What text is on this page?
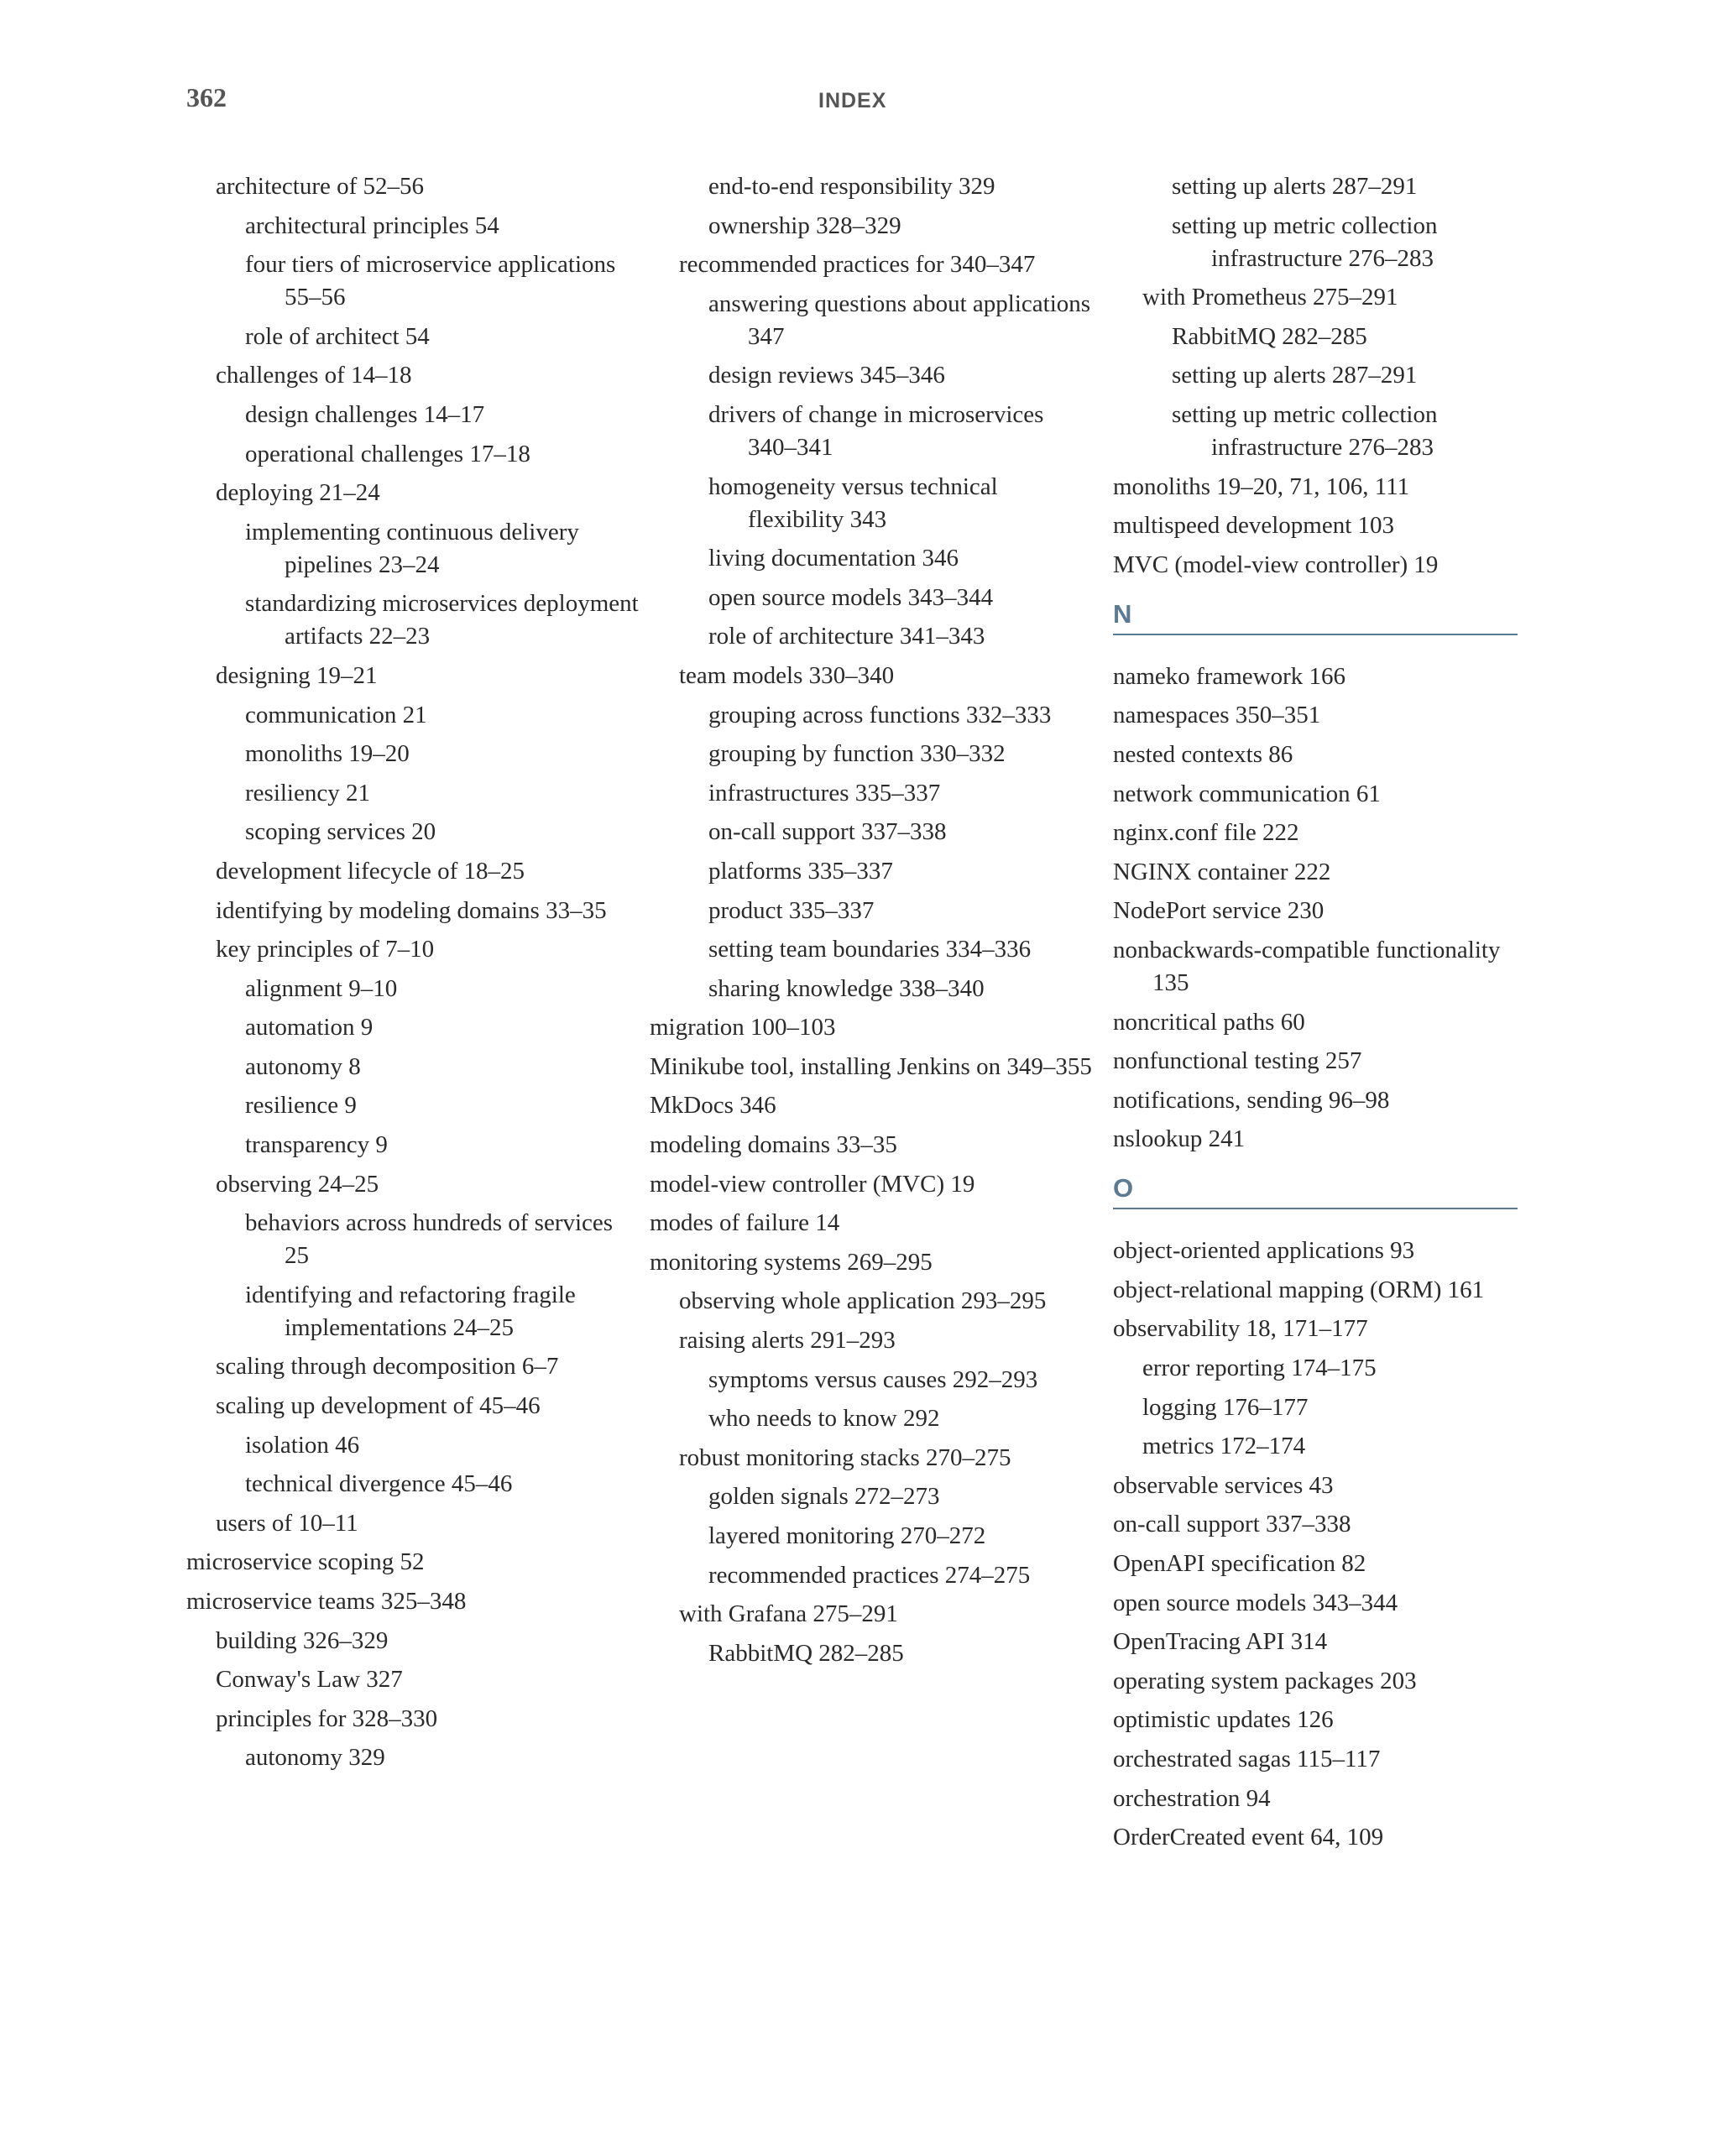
362	INDEX
architecture of 52–56
architectural principles 54
four tiers of microservice applications 55–56
role of architect 54
challenges of 14–18
design challenges 14–17
operational challenges 17–18
deploying 21–24
implementing continuous delivery pipelines 23–24
standardizing microservices deployment artifacts 22–23
designing 19–21
communication 21
monoliths 19–20
resiliency 21
scoping services 20
development lifecycle of 18–25
identifying by modeling domains 33–35
key principles of 7–10
alignment 9–10
automation 9
autonomy 8
resilience 9
transparency 9
observing 24–25
behaviors across hundreds of services 25
identifying and refactoring fragile implementations 24–25
scaling through decomposition 6–7
scaling up development of 45–46
isolation 46
technical divergence 45–46
users of 10–11
microservice scoping 52
microservice teams 325–348
building 326–329
Conway's Law 327
principles for 328–330
autonomy 329
end-to-end responsibility 329
ownership 328–329
recommended practices for 340–347
answering questions about applications 347
design reviews 345–346
drivers of change in microservices 340–341
homogeneity versus technical flexibility 343
living documentation 346
open source models 343–344
role of architecture 341–343
team models 330–340
grouping across functions 332–333
grouping by function 330–332
infrastructures 335–337
on-call support 337–338
platforms 335–337
product 335–337
setting team boundaries 334–336
sharing knowledge 338–340
migration 100–103
Minikube tool, installing Jenkins on 349–355
MkDocs 346
modeling domains 33–35
model-view controller (MVC) 19
modes of failure 14
monitoring systems 269–295
observing whole application 293–295
raising alerts 291–293
symptoms versus causes 292–293
who needs to know 292
robust monitoring stacks 270–275
golden signals 272–273
layered monitoring 270–272
recommended practices 274–275
with Grafana 275–291
RabbitMQ 282–285
setting up alerts 287–291
setting up metric collection infrastructure 276–283
with Prometheus 275–291
RabbitMQ 282–285
setting up alerts 287–291
setting up metric collection infrastructure 276–283
monoliths 19–20, 71, 106, 111
multispeed development 103
MVC (model-view controller) 19
N
nameko framework 166
namespaces 350–351
nested contexts 86
network communication 61
nginx.conf file 222
NGINX container 222
NodePort service 230
nonbackwards-compatible functionality 135
noncritical paths 60
nonfunctional testing 257
notifications, sending 96–98
nslookup 241
O
object-oriented applications 93
object-relational mapping (ORM) 161
observability 18, 171–177
error reporting 174–175
logging 176–177
metrics 172–174
observable services 43
on-call support 337–338
OpenAPI specification 82
open source models 343–344
OpenTracing API 314
operating system packages 203
optimistic updates 126
orchestrated sagas 115–117
orchestration 94
OrderCreated event 64, 109
